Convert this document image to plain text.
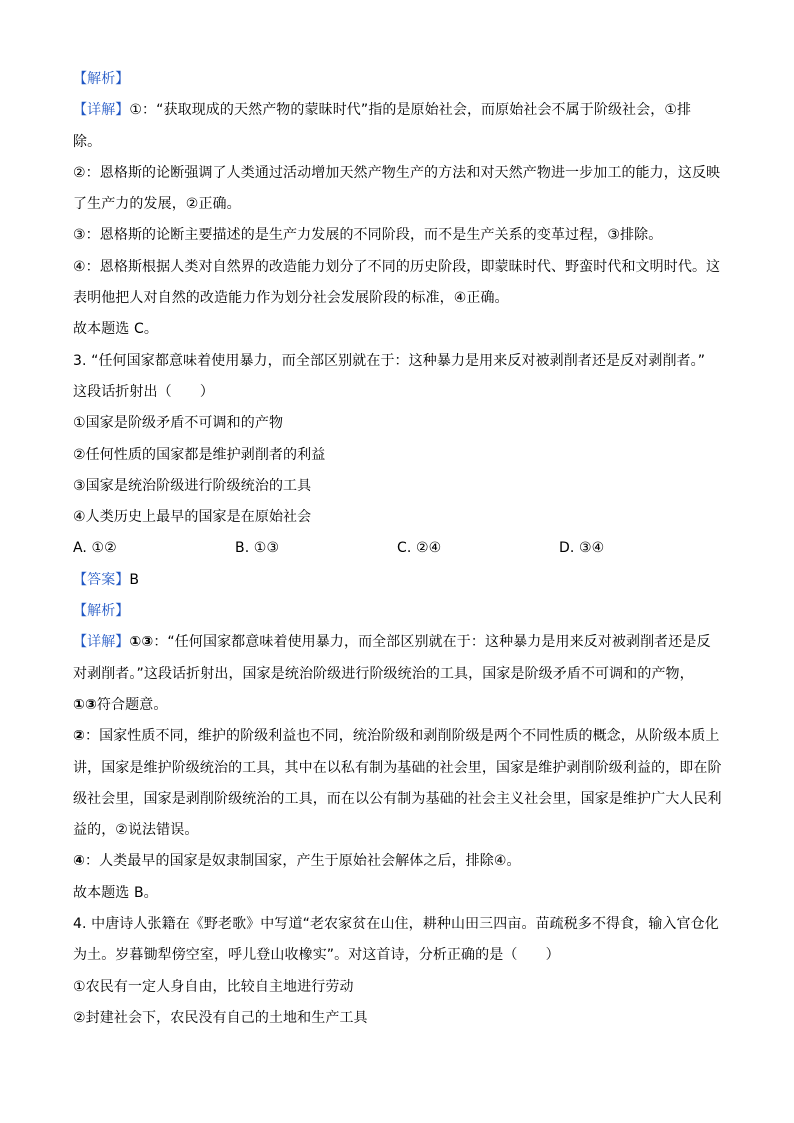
【解析】
【详解】①：“获取现成的天然产物的蒙昧时代”指的是原始社会，而原始社会不属于阶级社会，①排
除。
②：恩格斯的论断强调了人类通过活动增加天然产物生产的方法和对天然产物进一步加工的能力，这反映
了生产力的发展，②正确。
③：恩格斯的论断主要描述的是生产力发展的不同阶段，而不是生产关系的变革过程，③排除。
④：恩格斯根据人类对自然界的改造能力划分了不同的历史阶段，即蒙昧时代、野蛮时代和文明时代。这
表明他把人对自然的改造能力作为划分社会发展阶段的标准，④正确。
故本题选 C。
3. “任何国家都意味着使用暴力，而全部区别就在于：这种暴力是用来反对被剥削者还是反对剥削者。”
这段话折射出（　　）
①国家是阶级矛盾不可调和的产物
②任何性质的国家都是维护剥削者的利益
③国家是统治阶级进行阶级统治的工具
④人类历史上最早的国家是在原始社会
A. ①②	B. ①③	C. ②④	D. ③④
【答案】B
【解析】
【详解】①③：“任何国家都意味着使用暴力，而全部区别就在于：这种暴力是用来反对被剥削者还是反
对剥削者。”这段话折射出，国家是统治阶级进行阶级统治的工具，国家是阶级矛盾不可调和的产物，
①③符合题意。
②：国家性质不同，维护的阶级利益也不同，统治阶级和剥削阶级是两个不同性质的概念，从阶级本质上
讲，国家是维护阶级统治的工具，其中在以私有制为基础的社会里，国家是维护剥削阶级利益的，即在阶
级社会里，国家是剥削阶级统治的工具，而在以公有制为基础的社会主义社会里，国家是维护广大人民利
益的，②说法错误。
④：人类最早的国家是奴隶制国家，产生于原始社会解体之后，排除④。
故本题选 B。
4. 中唐诗人张籍在《野老歌》中写道“老农家贫在山住，耕种山田三四亩。苗疏税多不得食，输入官仓化
为土。岁暮锄犁傍空室，呼儿登山收橡实”。对这首诗，分析正确的是（　　）
①农民有一定人身自由，比较自主地进行劳动
②封建社会下，农民没有自己的土地和生产工具
